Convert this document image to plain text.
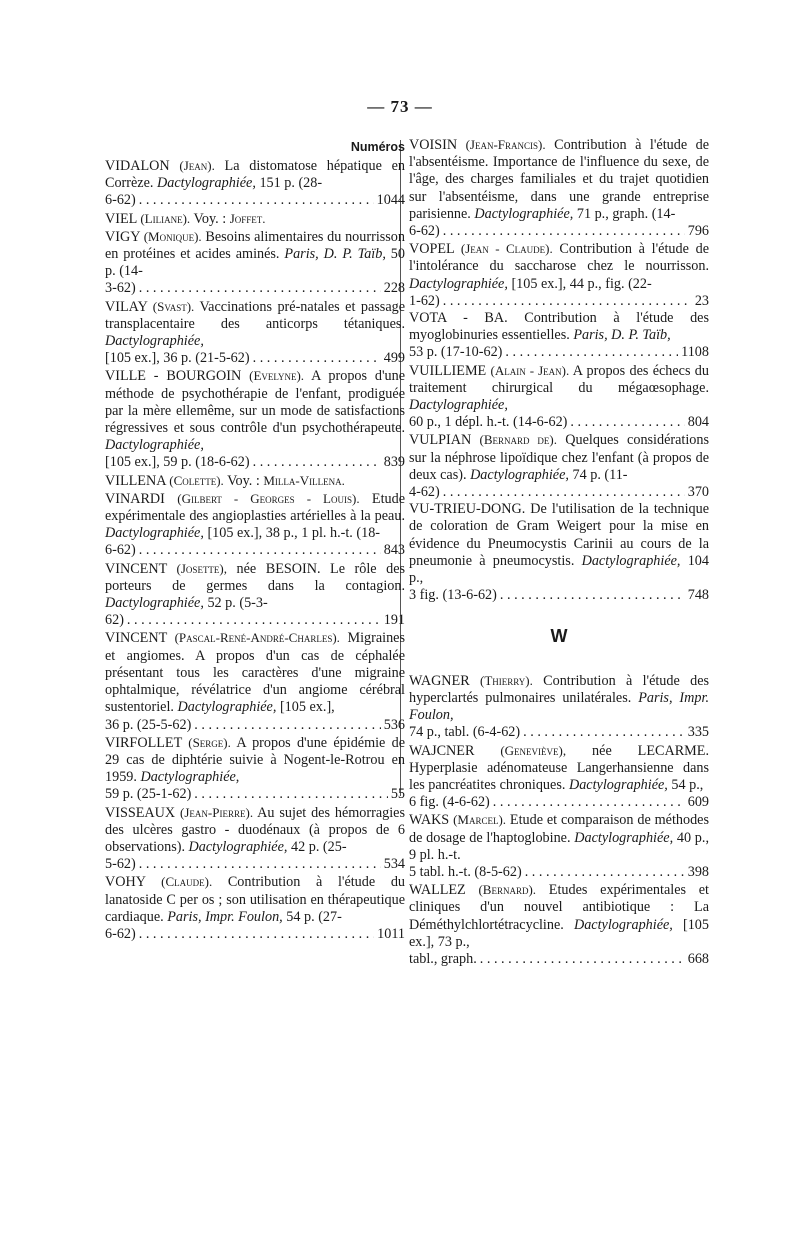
— 73 —
Numéros
VIDALON (Jean). La distomatose hépatique en Corrèze. Dactylographiée, 151 p. (28-
6-62) . . .	1044
VIEL (Liliane). Voy. : Joffet.
VIGY (Monique). Besoins alimentaires du nourrisson en protéines et acides aminés. Paris, D. P. Taïb, 50 p. (14-
3-62) . . .	228
VILAY (Svast). Vaccinations pré-natales et passage transplacentaire des anticorps tétaniques. Dactylographiée,
[105 ex.], 36 p. (21-5-62) . . .	499
VILLE - BOURGOIN (Evelyne). A propos d'une méthode de psychothérapie de l'enfant, prodiguée par la mère ellemême, sur un mode de satisfactions régressives et sous contrôle d'un psychothérapeute. Dactylographiée,
[105 ex.], 59 p. (18-6-62) . . .	839
VILLENA (Colette). Voy. : Milla-Villena.
VINARDI (Gilbert - Georges - Louis). Etude expérimentale des angioplasties artérielles à la peau. Dactylographiée, [105 ex.], 38 p., 1 pl. h.-t. (18-
6-62) . . .	843
VINCENT (Josette), née BESOIN. Le rôle des porteurs de germes dans la contagion. Dactylographiée, 52 p. (5-3-
62) . . .	191
VINCENT (Pascal-René-André-Charles). Migraines et angiomes. A propos d'un cas de céphalée présentant tous les caractères d'une migraine ophtalmique, révélatrice d'un angiome cérébral sustentoriel. Dactylographiée, [105 ex.],
36 p. (25-5-62) . . .	536
VIRFOLLET (Serge). A propos d'une épidémie de 29 cas de diphtérie suivie à Nogent-le-Rotrou en 1959. Dactylographiée,
59 p. (25-1-62) . . .	55
VISSEAUX (Jean-Pierre). Au sujet des hémorragies des ulcères gastro - duodénaux (à propos de 6 observations). Dactylographiée, 42 p. (25-
5-62) . . .	534
VOHY (Claude). Contribution à l'étude du lanatoside C per os ; son utilisation en thérapeutique cardiaque. Paris, Impr. Foulon, 54 p. (27-
6-62) . . .	1011
VOISIN (Jean-Francis). Contribution à l'étude de l'absentéisme. Importance de l'influence du sexe, de l'âge, des charges familiales et du trajet quotidien sur l'absentéisme, dans une grande entreprise parisienne. Dactylographiée, 71 p., graph. (14-
6-62) . . .	796
VOPEL (Jean - Claude). Contribution à l'étude de l'intolérance du saccharose chez le nourrisson. Dactylographiée, [105 ex.], 44 p., fig. (22-
1-62) . . .	23
VOTA - BA. Contribution à l'étude des myoglobinuries essentielles. Paris, D. P. Taïb,
53 p. (17-10-62) . . .	1108
VUILLIEME (Alain - Jean). A propos des échecs du traitement chirurgical du mégaœsophage. Dactylographiée,
60 p., 1 dépl. h.-t. (14-6-62) . . .	804
VULPIAN (Bernard de). Quelques considérations sur la néphrose lipoïdique chez l'enfant (à propos de deux cas). Dactylographiée, 74 p. (11-
4-62) . . .	370
VU-TRIEU-DONG. De l'utilisation de la technique de coloration de Gram Weigert pour la mise en évidence du Pneumocystis Carinii au cours de la pneumonie à pneumocystis. Dactylographiée, 104 p.,
3 fig. (13-6-62) . . .	748
W
WAGNER (Thierry). Contribution à l'étude des hyperclartés pulmonaires unilatérales. Paris, Impr. Foulon,
74 p., tabl. (6-4-62) . . .	335
WAJCNER (Geneviève), née LECARME. Hyperplasie adénomateuse Langerhansienne dans les pancréatites chroniques. Dactylographiée, 54 p.,
6 fig. (4-6-62) . . .	609
WAKS (Marcel). Etude et comparaison de méthodes de dosage de l'haptoglobine. Dactylographiée, 40 p., 9 pl. h.-t.
5 tabl. h.-t. (8-5-62) . . .	398
WALLEZ (Bernard). Etudes expérimentales et cliniques d'un nouvel antibiotique : La Déméthylchlortétracycline. Dactylographiée, [105 ex.], 73 p.,
tabl., graph. . . .	668
